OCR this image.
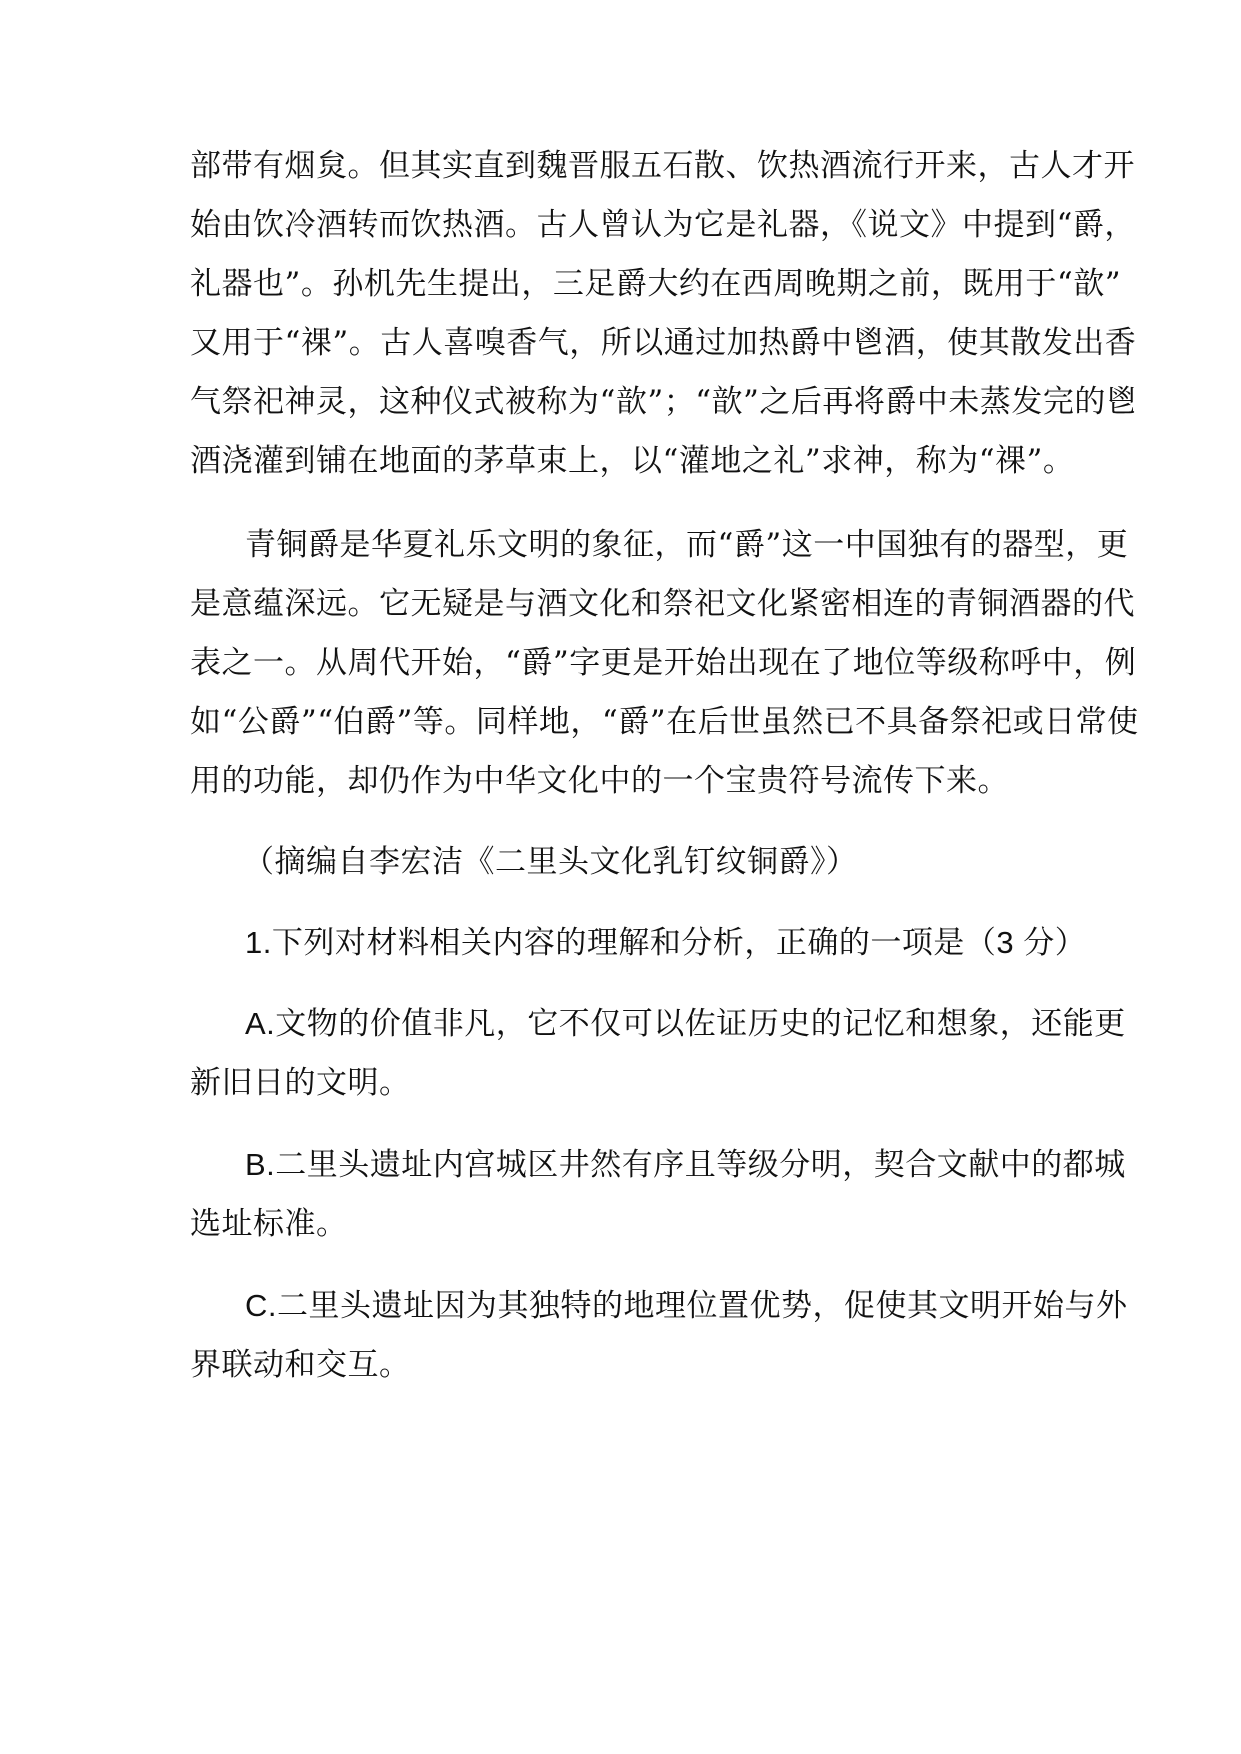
部带有烟炱。但其实直到魏晋服五石散、饮热酒流行开来，古人才开
始由饮冷酒转而饮热酒。古人曾认为它是礼器，《说文》中提到“爵，
礼器也”。孙机先生提出，三足爵大约在西周晚期之前，既用于“歆”
又用于“祼”。古人喜嗅香气，所以通过加热爵中鬯酒，使其散发出香
气祭祀神灵，这种仪式被称为“歆”；“歆”之后再将爵中未蒸发完的鬯
酒浇灌到铺在地面的茅草束上，以“灌地之礼”求神，称为“祼”。
青铜爵是华夏礼乐文明的象征，而“爵”这一中国独有的器型，更
是意蕴深远。它无疑是与酒文化和祭祀文化紧密相连的青铜酒器的代
表之一。从周代开始，“爵”字更是开始出现在了地位等级称呼中，例
如“公爵”“伯爵”等。同样地，“爵”在后世虽然已不具备祭祀或日常使
用的功能，却仍作为中华文化中的一个宝贵符号流传下来。
（摘编自李宏洁《二里头文化乳钉纹铜爵》）
1.下列对材料相关内容的理解和分析，正确的一项是（3 分）
A.文物的价值非凡，它不仅可以佐证历史的记忆和想象，还能更
新旧日的文明。
B.二里头遗址内宫城区井然有序且等级分明，契合文献中的都城
选址标准。
C.二里头遗址因为其独特的地理位置优势，促使其文明开始与外
界联动和交互。
